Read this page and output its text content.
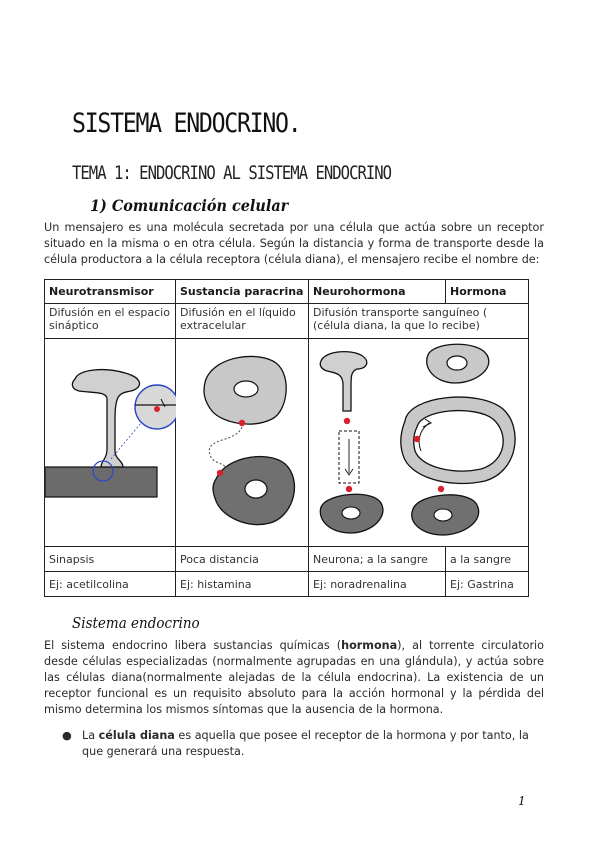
SISTEMA ENDOCRINO.
TEMA 1: ENDOCRINO AL SISTEMA ENDOCRINO
1) Comunicación celular

Un mensajero es una molécula secretada por una célula que actúa sobre un receptor situado en la misma o en otra célula. Según la distancia y forma de transporte desde la célula productora a la célula receptora (célula diana), el mensajero recibe el nombre de:

Neurotransmisor	Sustancia paracrina	Neurohormona	Hormona
Difusión en el espacio sináptico	Difusión en el líquido extracelular	Difusión transporte sanguíneo ( (célula diana, la que lo recibe)	

Sinapsis	Poca distancia	Neurona; a la sangre	a la sangre
Ej: acetilcolina	Ej: histamina	Ej: noradrenalina	Ej: Gastrina
Sistema endocrino

El sistema endocrino libera sustancias químicas (hormona), al torrente circulatorio desde células especializadas (normalmente agrupadas en una glándula), y actúa sobre las células diana(normalmente alejadas de la célula endocrina). La existencia de un receptor funcional es un requisito absoluto para la acción hormonal y la pérdida del mismo determina los mismos síntomas que la ausencia de la hormona.

● La célula diana es aquella que posee el receptor de la hormona y por tanto, la que generará una respuesta.

1
